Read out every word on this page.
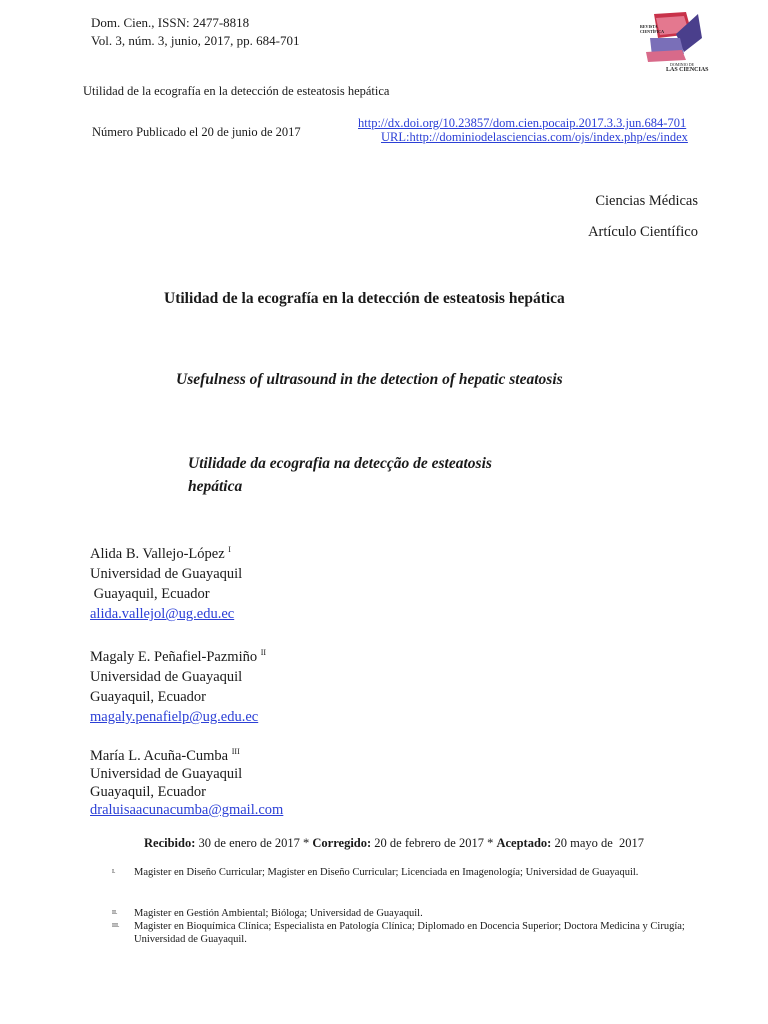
Dom. Cien., ISSN: 2477-8818
Vol. 3, núm. 3, junio, 2017, pp. 684-701
REVISTA
CIENTÍFICA
DOMINIO DE
LAS CIENCIAS
Utilidad de la ecografía en la detección de esteatosis hepática
Número Publicado el 20 de junio de 2017
http://dx.doi.org/10.23857/dom.cien.pocaip.2017.3.3.jun.684-701
URL:http://dominiodelasciencias.com/ojs/index.php/es/index
Ciencias Médicas
Artículo Científico
Utilidad de la ecografía en la detección de esteatosis hepática
Usefulness of ultrasound in the detection of hepatic steatosis
Utilidade da ecografia na detecção de esteatosis
hepática
Alida B. Vallejo-López $^I$
Universidad de Guayaquil
Guayaquil, Ecuador
alida.vallejol@ug.edu.ec
Magaly E. Peñafiel-Pazmiño $^{II}$
Universidad de Guayaquil
Guayaquil, Ecuador
magaly.penafielp@ug.edu.ec
María L. Acuña-Cumba $^{III}$
Universidad de Guayaquil
Guayaquil, Ecuador
draluisaacunacumba@gmail.com
Recibido: 30 de enero de 2017 * Corregido: 20 de febrero de 2017 * Aceptado: 20 mayo de  2017
I. Magister en Diseño Curricular; Magister en Diseño Curricular; Licenciada en Imagenología; Universidad de Guayaquil.
II. Magister en Gestión Ambiental; Bióloga; Universidad de Guayaquil.
III. Magister en Bioquímica Clínica; Especialista en Patología Clínica; Diplomado en Docencia Superior; Doctora Medicina y Cirugía; Universidad de Guayaquil.
